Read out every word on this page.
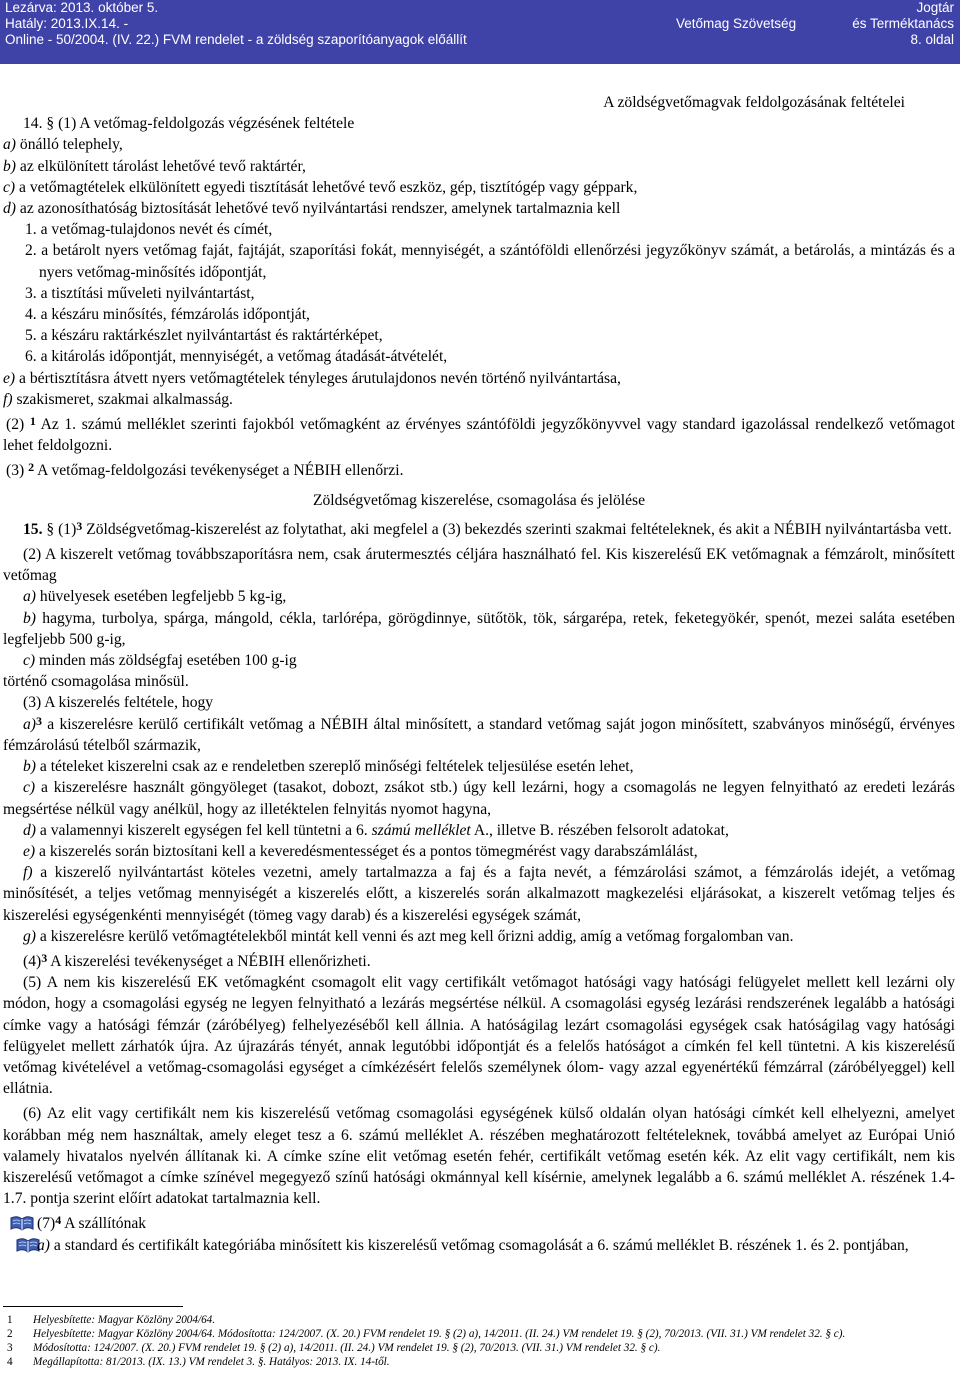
Lezárva: 2013. október 5.
Hatály: 2013.IX.14. -
Online - 50/2004. (IV. 22.) FVM rendelet - a zöldség szaporítóanyagok előállít
Vetőmag Szövetség
Jogtár
és Terméktanács
8. oldal

A zöldségvetőmagvak feldolgozásának feltételei

14. § (1) A vetőmag-feldolgozás végzésének feltétele

a) önálló telephely,

b) az elkülönített tárolást lehetővé tevő raktártér,

c) a vetőmagtételek elkülönített egyedi tisztítását lehetővé tevő eszköz, gép, tisztítógép vagy géppark,

d) az azonosíthatóság biztosítását lehetővé tevő nyilvántartási rendszer, amelynek tartalmaznia kell

1. a vetőmag-tulajdonos nevét és címét,

2. a betárolt nyers vetőmag faját, fajtáját, szaporítási fokát, mennyiségét, a szántóföldi ellenőrzési jegyzőkönyv számát, a betárolás, a mintázás és a nyers vetőmag-minősítés időpontját,

3. a tisztítási műveleti nyilvántartást,

4. a készáru minősítés, fémzárolás időpontját,

5. a készáru raktárkészlet nyilvántartást és raktártérképet,

6. a kitárolás időpontját, mennyiségét, a vetőmag átadását-átvételét,

e) a bértisztításra átvett nyers vetőmagtételek tényleges árutulajdonos nevén történő nyilvántartása,

f) szakismeret, szakmai alkalmasság.

(2) $^1$ Az 1. számú melléklet szerinti fajokból vetőmagként az érvényes szántóföldi jegyzőkönyvvel vagy standard igazolással rendelkező vetőmagot lehet feldolgozni.

(3) $^2$ A vetőmag-feldolgozási tevékenységet a NÉBIH ellenőrzi.

Zöldségvetőmag kiszerelése, csomagolása és jelölése

15. § $(1)^3$ Zöldségvetőmag-kiszerelést az folytathat, aki megfelel a (3) bekezdés szerinti szakmai feltételeknek, és akit a NÉBIH nyilvántartásba vett.

(2) A kiszerelt vetőmag továbbszaporításra nem, csak árutermesztés céljára használható fel. Kis kiszerelésű EK vetőmagnak a fémzárolt, minősített vetőmag

a) hüvelyesek esetében legfeljebb 5 kg-ig,

b) hagyma, turbolya, spárga, mángold, cékla, tarlórépa, görögdinnye, sütőtök, tök, sárgarépa, retek, feketegyökér, spenót, mezei saláta esetében legfeljebb 500 g-ig,

c) minden más zöldségfaj esetében 100 g-ig

történő csomagolása minősül.

(3) A kiszerelés feltétele, hogy

a)$^3$ a kiszerelésre kerülő certifikált vetőmag a NÉBIH által minősített, a standard vetőmag saját jogon minősített, szabványos minőségű, érvényes fémzárolású tételből származik,

b) a tételeket kiszerelni csak az e rendeletben szereplő minőségi feltételek teljesülése esetén lehet,

c) a kiszerelésre használt göngyöleget (tasakot, dobozt, zsákot stb.) úgy kell lezárni, hogy a csomagolás ne legyen felnyitható az eredeti lezárás megsértése nélkül vagy anélkül, hogy az illetéktelen felnyitás nyomot hagyna,

d) a valamennyi kiszerelt egységen fel kell tüntetni a 6. számú melléklet A., illetve B. részében felsorolt adatokat,

e) a kiszerelés során biztosítani kell a keveredésmentességet és a pontos tömegmérést vagy darabszámlálást,

f) a kiszerelő nyilvántartást köteles vezetni, amely tartalmazza a faj és a fajta nevét, a fémzárolási számot, a fémzárolás idejét, a vetőmag minősítését, a teljes vetőmag mennyiségét a kiszerelés előtt, a kiszerelés során alkalmazott magkezelési eljárásokat, a kiszerelt vetőmag teljes és kiszerelési egységenkénti mennyiségét (tömeg vagy darab) és a kiszerelési egységek számát,

g) a kiszerelésre kerülő vetőmagtételekből mintát kell venni és azt meg kell őrizni addig, amíg a vetőmag forgalomban van.

$(4)^3$ A kiszerelési tevékenységet a NÉBIH ellenőrizheti.

(5) A nem kis kiszerelésű EK vetőmagként csomagolt elit vagy certifikált vetőmagot hatósági vagy hatósági felügyelet mellett kell lezárni oly módon, hogy a csomagolási egység ne legyen felnyitható a lezárás megsértése nélkül. A csomagolási egység lezárási rendszerének legalább a hatósági címke vagy a hatósági fémzár (záróbélyeg) felhelyezéséből kell állnia. A hatóságilag lezárt csomagolási egységek csak hatóságilag vagy hatósági felügyelet mellett zárhatók újra. Az újrazárás tényét, annak legutóbbi időpontját és a felelős hatóságot a címkén fel kell tüntetni. A kis kiszerelésű vetőmag kivételével a vetőmag-csomagolási egységet a címkézésért felelős személynek ólom- vagy azzal egyenértékű fémzárral (záróbélyeggel) kell ellátnia.

(6) Az elit vagy certifikált nem kis kiszerelésű vetőmag csomagolási egységének külső oldalán olyan hatósági címkét kell elhelyezni, amelyet korábban még nem használtak, amely eleget tesz a 6. számú melléklet A. részében meghatározott feltételeknek, továbbá amelyet az Európai Unió valamely hivatalos nyelvén állítanak ki. A címke színe elit vetőmag esetén fehér, certifikált vetőmag esetén kék. Az elit vagy certifikált, nem kis kiszerelésű vetőmagot a címke színével megegyező színű hatósági okmánnyal kell kísérnie, amelynek legalább a 6. számú melléklet A. részének 1.4-1.7. pontja szerint előírt adatokat tartalmaznia kell.

$(7)^4$ A szállítónak

a) a standard és certifikált kategóriába minősített kis kiszerelésű vetőmag csomagolását a 6. számú melléklet B. részének 1. és 2. pontjában,

1 Helyesbítette: Magyar Közlöny 2004/64.

2 Helyesbítette: Magyar Közlöny 2004/64. Módosította: 124/2007. (X. 20.) FVM rendelet 19. § (2) a), 14/2011. (II. 24.) VM rendelet 19. § (2), 70/2013. (VII. 31.) VM rendelet 32. § c).

3 Módosította: 124/2007. (X. 20.) FVM rendelet 19. § (2) a), 14/2011. (II. 24.) VM rendelet 19. § (2), 70/2013. (VII. 31.) VM rendelet 32. § c).

4 Megállapította: 81/2013. (IX. 13.) VM rendelet 3. §. Hatályos: 2013. IX. 14-től.
